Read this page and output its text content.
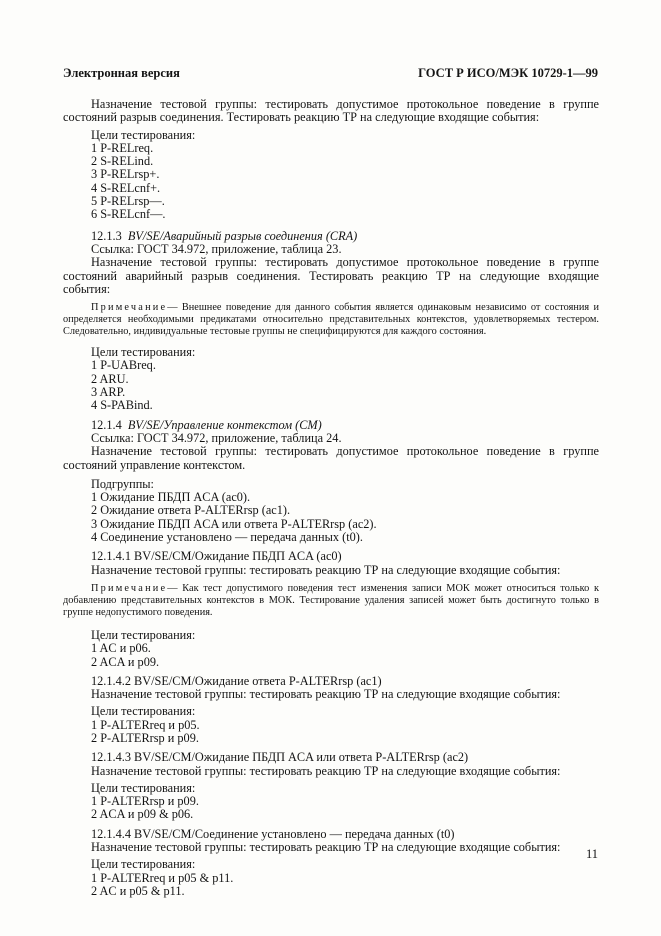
Электронная версия	ГОСТ Р ИСО/МЭК 10729-1—99

Назначение тестовой группы: тестировать допустимое протокольное поведение в группе состояний разрыв соединения. Тестировать реакцию ТР на следующие входящие события:

Цели тестирования:

1 P-RELreq.

2 S-RELind.

3 P-RELrsp+.

4 S-RELcnf+.

5 P-RELrsp—.

6 S-RELcnf—.

12.1.3 BV/SE/Аварийный разрыв соединения (CRA)

Ссылка: ГОСТ 34.972, приложение, таблица 23.

Назначение тестовой группы: тестировать допустимое протокольное поведение в группе состояний аварийный разрыв соединения. Тестировать реакцию ТР на следующие входящие события:

Примечание— Внешнее поведение для данного события является одинаковым независимо от состояния и определяется необходимыми предикатами относительно представительных контекстов, удовлетворяемых тестером. Следовательно, индивидуальные тестовые группы не специфицируются для каждого состояния.

Цели тестирования:

1 P-UABreq.

2 ARU.

3 ARP.

4 S-PABind.

12.1.4 BV/SE/Управление контекстом (CM)

Ссылка: ГОСТ 34.972, приложение, таблица 24.

Назначение тестовой группы: тестировать допустимое протокольное поведение в группе состояний управление контекстом.

Подгруппы:

1 Ожидание ПБДП ACA (ac0).

2 Ожидание ответа P-ALTERrsp (ac1).

3 Ожидание ПБДП ACA или ответа P-ALTERrsp (ac2).

4 Соединение установлено — передача данных (t0).

12.1.4.1 BV/SE/CM/Ожидание ПБДП ACA (ac0)

Назначение тестовой группы: тестировать реакцию ТР на следующие входящие события:

Примечание— Как тест допустимого поведения тест изменения записи МОК может относиться только к добавлению представительных контекстов в МОК. Тестирование удаления записей может быть достигнуто только в группе недопустимого поведения.

Цели тестирования:

1 AC и p06.

2 ACA и p09.

12.1.4.2 BV/SE/CM/Ожидание ответа P-ALTERrsp (ac1)

Назначение тестовой группы: тестировать реакцию ТР на следующие входящие события:

Цели тестирования:

1 P-ALTERreq и p05.

2 P-ALTERrsp и p09.

12.1.4.3 BV/SE/CM/Ожидание ПБДП ACA или ответа P-ALTERrsp (ac2)

Назначение тестовой группы: тестировать реакцию ТР на следующие входящие события:

Цели тестирования:

1 P-ALTERrsp и p09.

2 ACA и p09 & p06.

12.1.4.4 BV/SE/CM/Соединение установлено — передача данных (t0)

Назначение тестовой группы: тестировать реакцию ТР на следующие входящие события:

Цели тестирования:

1 P-ALTERreq и p05 & p11.

2 AC и p05 & p11.

11
